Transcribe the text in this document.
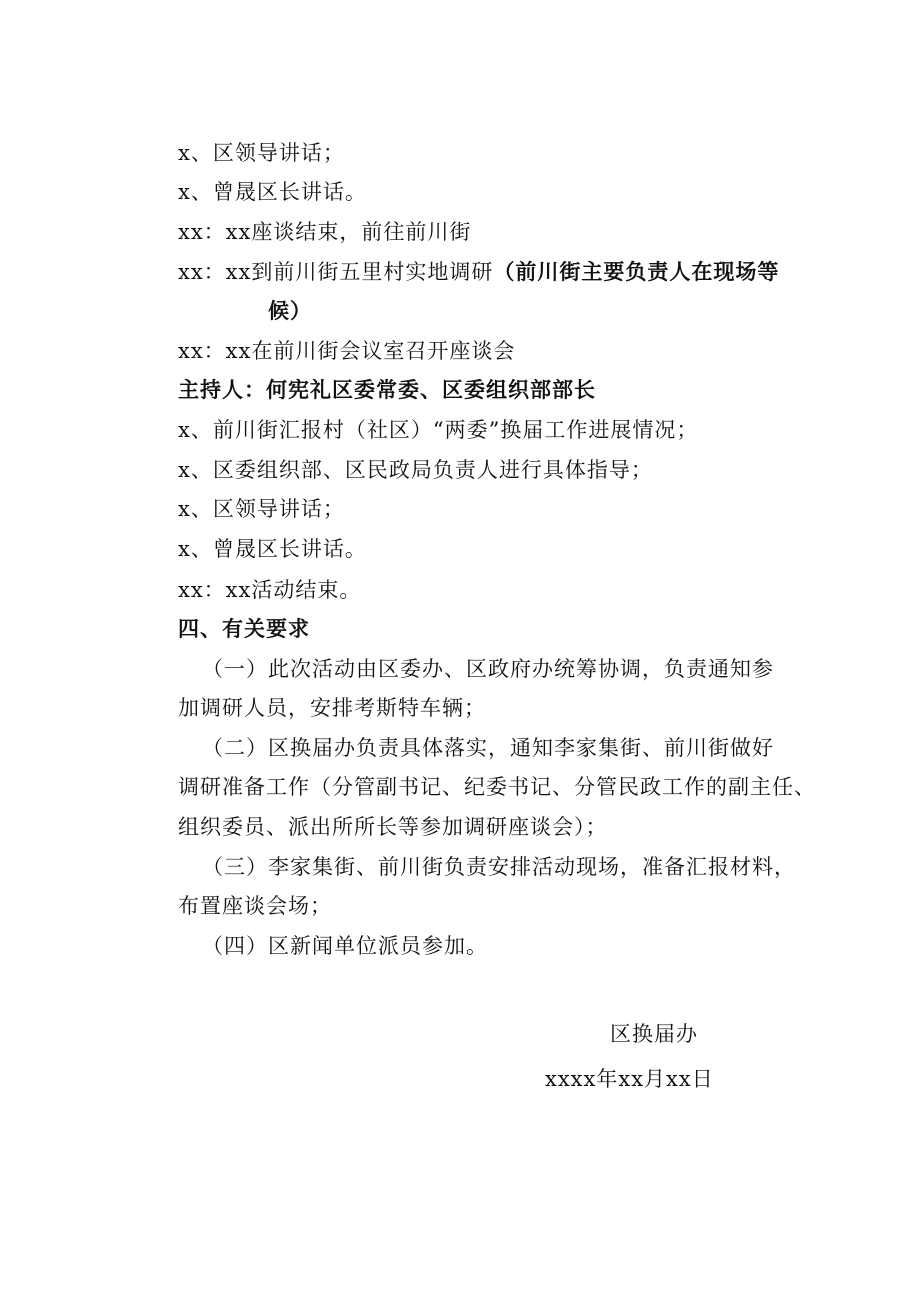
x、区领导讲话；
x、曾晟区长讲话。
xx：xx座谈结束，前往前川街
xx：xx到前川街五里村实地调研（前川街主要负责人在现场等
候）
xx：xx在前川街会议室召开座谈会
主持人：何宪礼区委常委、区委组织部部长
x、前川街汇报村（社区）“两委”换届工作进展情况；
x、区委组织部、区民政局负责人进行具体指导；
x、区领导讲话；
x、曾晟区长讲话。
xx：xx活动结束。
四、有关要求
（一）此次活动由区委办、区政府办统筹协调，负责通知参
加调研人员，安排考斯特车辆；
（二）区换届办负责具体落实，通知李家集街、前川街做好
调研准备工作（分管副书记、纪委书记、分管民政工作的副主任、
组织委员、派出所所长等参加调研座谈会）；
（三）李家集街、前川街负责安排活动现场，准备汇报材料，
布置座谈会场；
（四）区新闻单位派员参加。
区换届办
xxxx年xx月xx日
